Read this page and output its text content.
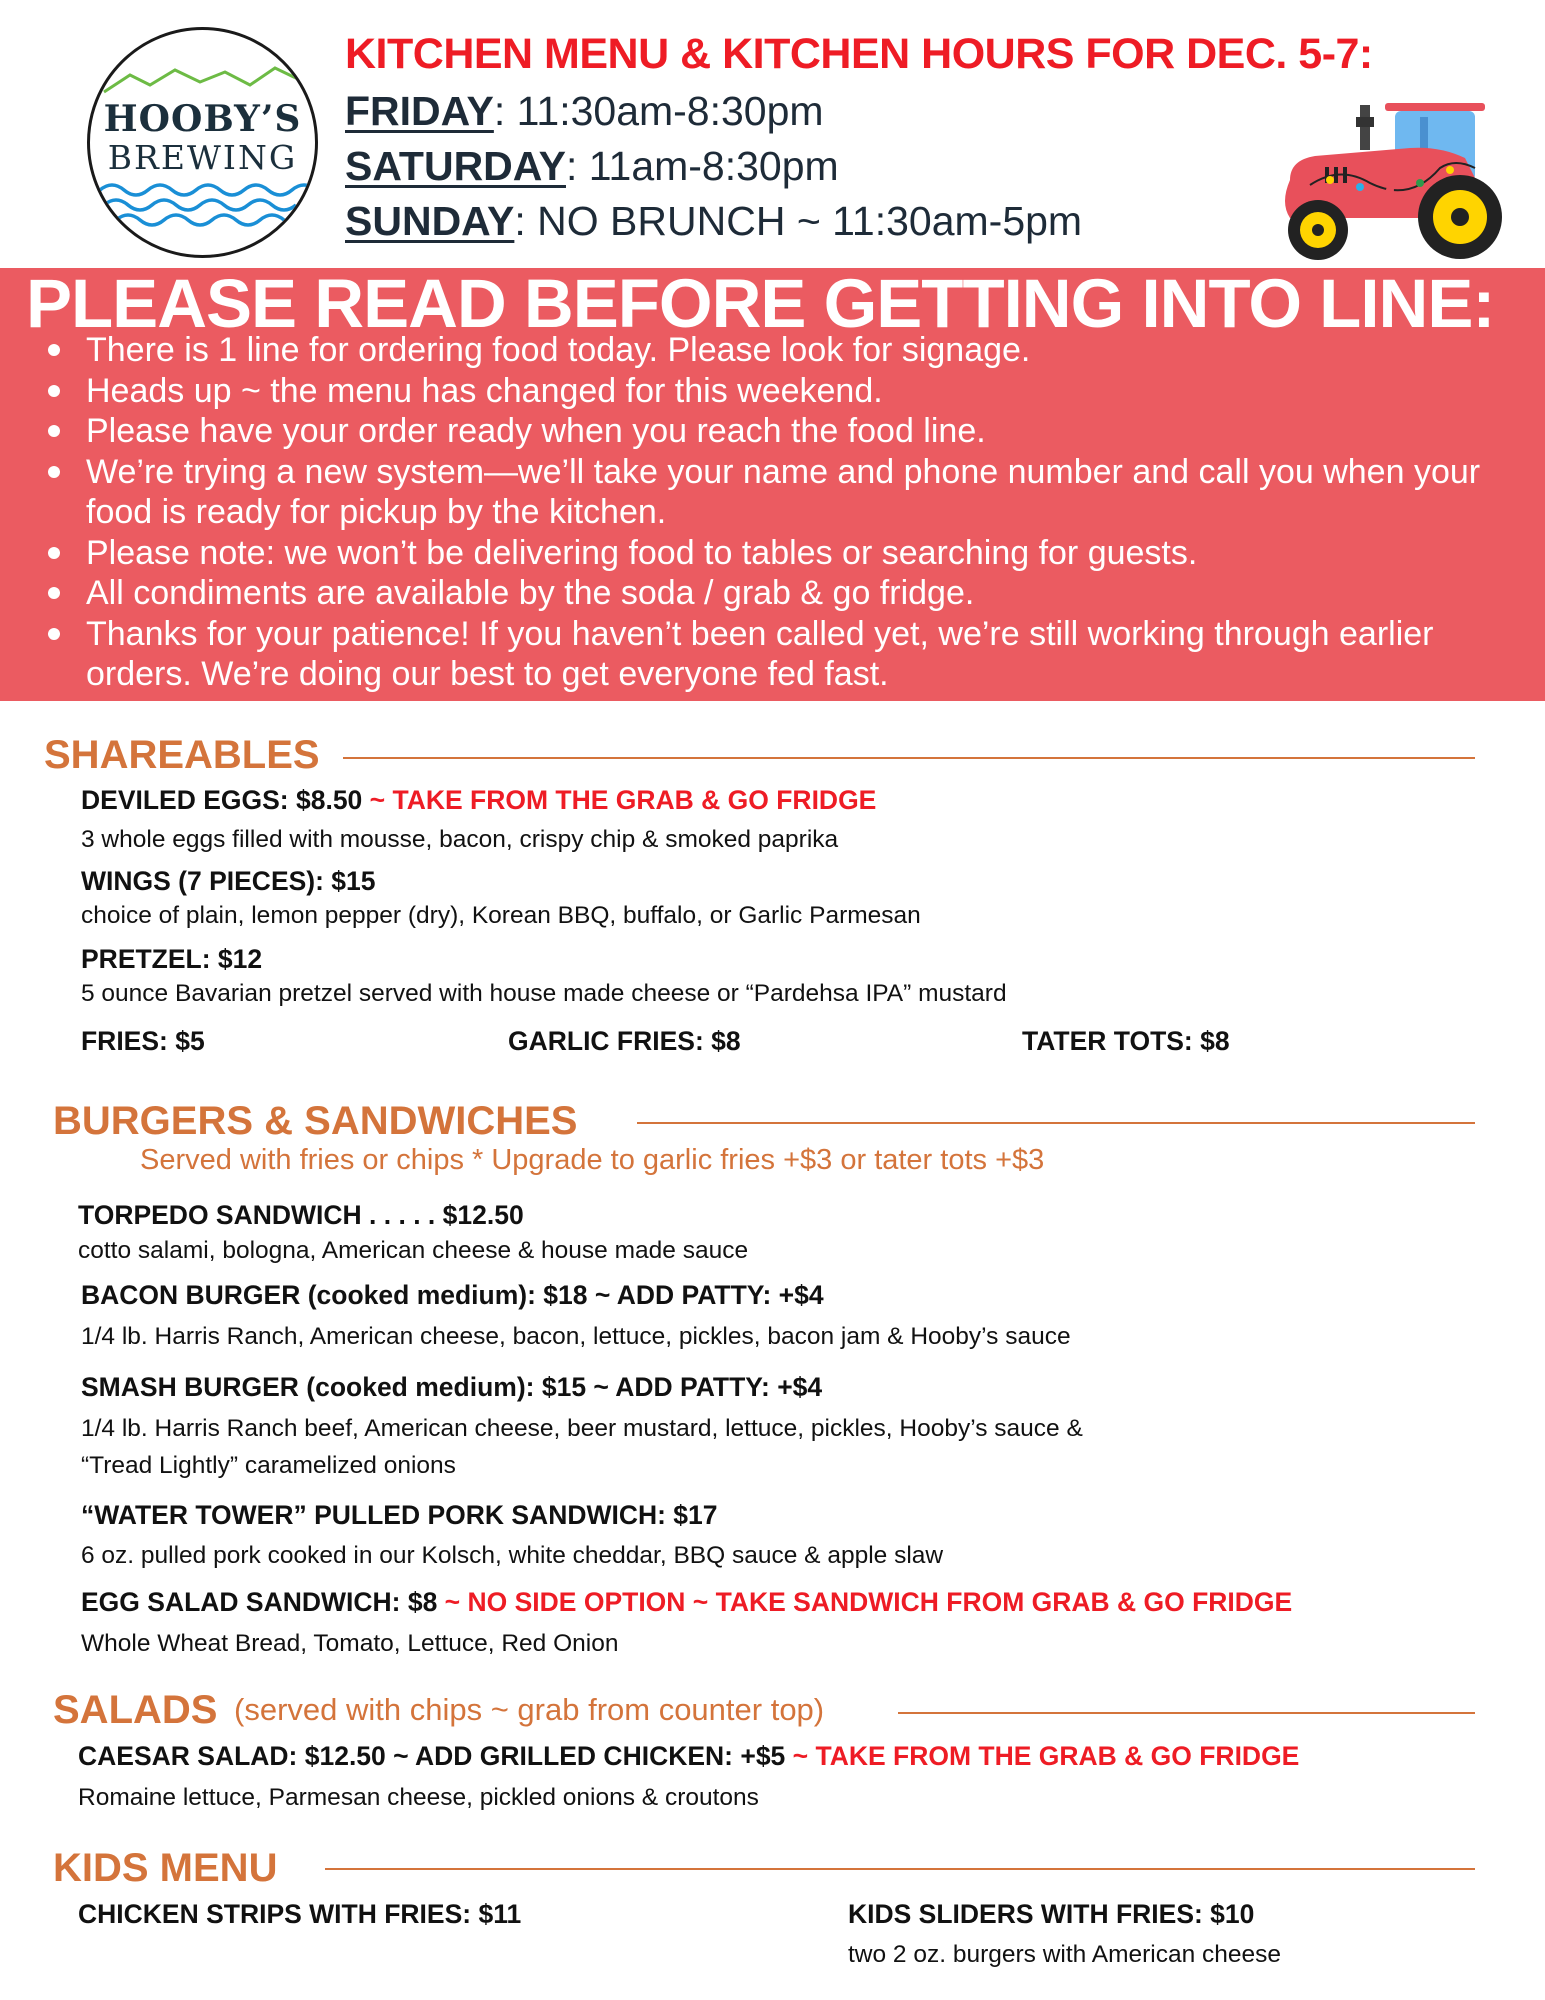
HOOBY’S
BREWING
KITCHEN MENU & KITCHEN HOURS FOR DEC. 5-7:
FRIDAY: 11:30am-8:30pm
SATURDAY: 11am-8:30pm
SUNDAY: NO BRUNCH ~ 11:30am-5pm
PLEASE READ BEFORE GETTING INTO LINE:
There is 1 line for ordering food today. Please look for signage.
Heads up ~ the menu has changed for this weekend.
Please have your order ready when you reach the food line.
We’re trying a new system—we’ll take your name and phone number and call you when your food is ready for pickup by the kitchen.
Please note: we won’t be delivering food to tables or searching for guests.
All condiments are available by the soda / grab & go fridge.
Thanks for your patience! If you haven’t been called yet, we’re still working through earlier orders. We’re doing our best to get everyone fed fast.
SHAREABLES
DEVILED EGGS: $8.50 ~ TAKE FROM THE GRAB & GO FRIDGE
3 whole eggs filled with mousse, bacon, crispy chip & smoked paprika
WINGS (7 PIECES): $15
choice of plain, lemon pepper (dry), Korean BBQ, buffalo, or Garlic Parmesan
PRETZEL: $12
5 ounce Bavarian pretzel served with house made cheese or “Pardehsa IPA” mustard
FRIES: $5	GARLIC FRIES: $8	TATER TOTS: $8
BURGERS & SANDWICHES
Served with fries or chips * Upgrade to garlic fries +$3 or tater tots +$3
TORPEDO SANDWICH . . . . . $12.50
cotto salami, bologna, American cheese & house made sauce
BACON BURGER (cooked medium): $18 ~ ADD PATTY: +$4
1/4 lb. Harris Ranch, American cheese, bacon, lettuce, pickles, bacon jam & Hooby’s sauce
SMASH BURGER (cooked medium): $15 ~ ADD PATTY: +$4
1/4 lb. Harris Ranch beef, American cheese, beer mustard, lettuce, pickles, Hooby’s sauce &
“Tread Lightly” caramelized onions
“WATER TOWER” PULLED PORK SANDWICH: $17
6 oz. pulled pork cooked in our Kolsch, white cheddar, BBQ sauce & apple slaw
EGG SALAD SANDWICH: $8 ~ NO SIDE OPTION ~ TAKE SANDWICH FROM GRAB & GO FRIDGE
Whole Wheat Bread, Tomato, Lettuce, Red Onion
SALADS (served with chips ~ grab from counter top)
CAESAR SALAD: $12.50 ~ ADD GRILLED CHICKEN: +$5 ~ TAKE FROM THE GRAB & GO FRIDGE
Romaine lettuce, Parmesan cheese, pickled onions & croutons
KIDS MENU
CHICKEN STRIPS WITH FRIES: $11	KIDS SLIDERS WITH FRIES: $10
two 2 oz. burgers with American cheese
